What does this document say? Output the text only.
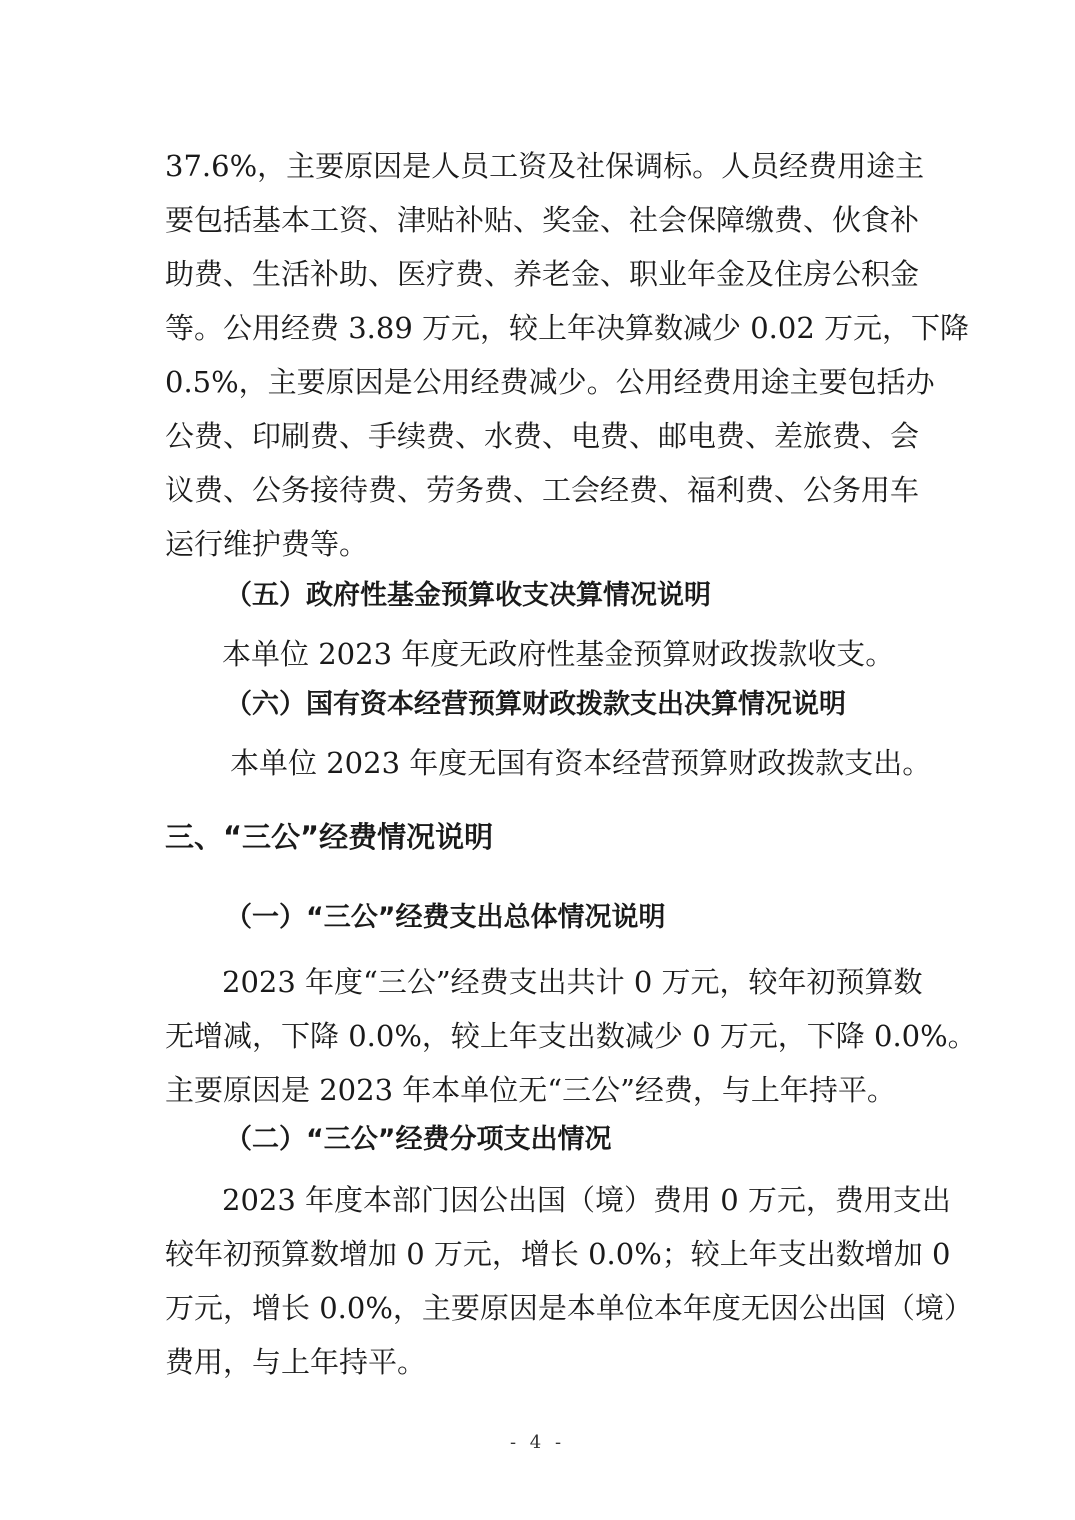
37.6%，主要原因是人员工资及社保调标。人员经费用途主
要包括基本工资、津贴补贴、奖金、社会保障缴费、伙食补
助费、生活补助、医疗费、养老金、职业年金及住房公积金
等。公用经费 3.89 万元，较上年决算数减少 0.02 万元，下降
0.5%，主要原因是公用经费减少。公用经费用途主要包括办
公费、印刷费、手续费、水费、电费、邮电费、差旅费、会
议费、公务接待费、劳务费、工会经费、福利费、公务用车
运行维护费等。
（五）政府性基金预算收支决算情况说明
本单位 2023 年度无政府性基金预算财政拨款收支。
（六）国有资本经营预算财政拨款支出决算情况说明
本单位 2023 年度无国有资本经营预算财政拨款支出。
三、“三公”经费情况说明
（一）“三公”经费支出总体情况说明
2023 年度“三公”经费支出共计 0 万元，较年初预算数
无增减，下降 0.0%，较上年支出数减少 0 万元，下降 0.0%。
主要原因是 2023 年本单位无“三公”经费，与上年持平。
（二）“三公”经费分项支出情况
2023 年度本部门因公出国（境）费用 0 万元，费用支出
较年初预算数增加 0 万元，增长 0.0%；较上年支出数增加 0
万元，增长 0.0%，主要原因是本单位本年度无因公出国（境）
费用，与上年持平。
- 4 -
